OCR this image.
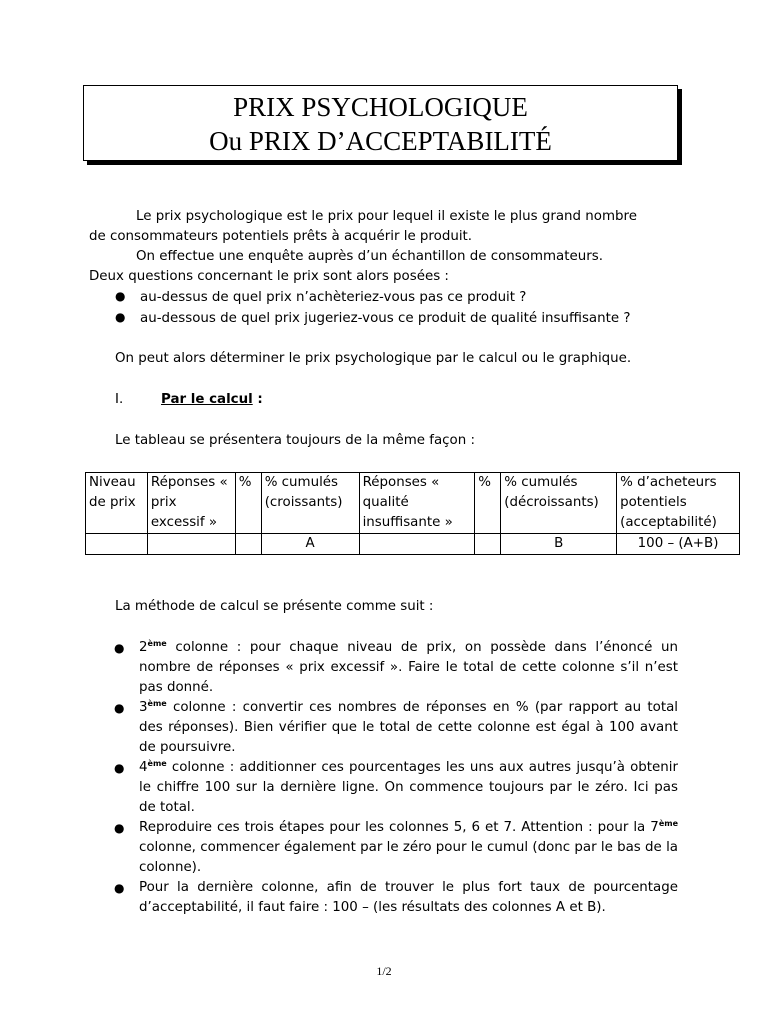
PRIX PSYCHOLOGIQUE
Ou PRIX D’ACCEPTABILITÉ
Le prix psychologique est le prix pour lequel il existe le plus grand nombre
de consommateurs potentiels prêts à acquérir le produit.
On effectue une enquête auprès d’un échantillon de consommateurs.
Deux questions concernant le prix sont alors posées :
● au-dessus de quel prix n’achèteriez-vous pas ce produit ?
● au-dessous de quel prix jugeriez-vous ce produit de qualité insuffisante ?
On peut alors déterminer le prix psychologique par le calcul ou le graphique.
I.	Par le calcul :
Le tableau se présentera toujours de la même façon :
Niveau de prix	Réponses « prix excessif »	%	% cumulés (croissants)	Réponses « qualité insuffisante »	%	% cumulés (décroissants)	% d’acheteurs potentiels (acceptabilité)
			A			B	100 – (A+B)
La méthode de calcul se présente comme suit :
● 2ème colonne : pour chaque niveau de prix, on possède dans l’énoncé un nombre de réponses « prix excessif ». Faire le total de cette colonne s’il n’est pas donné.
● 3ème colonne : convertir ces nombres de réponses en % (par rapport au total des réponses). Bien vérifier que le total de cette colonne est égal à 100 avant de poursuivre.
● 4ème colonne : additionner ces pourcentages les uns aux autres jusqu’à obtenir le chiffre 100 sur la dernière ligne. On commence toujours par le zéro. Ici pas de total.
● Reproduire ces trois étapes pour les colonnes 5, 6 et 7. Attention : pour la 7ème colonne, commencer également par le zéro pour le cumul (donc par le bas de la colonne).
● Pour la dernière colonne, afin de trouver le plus fort taux de pourcentage d’acceptabilité, il faut faire : 100 – (les résultats des colonnes A et B).
1/2
